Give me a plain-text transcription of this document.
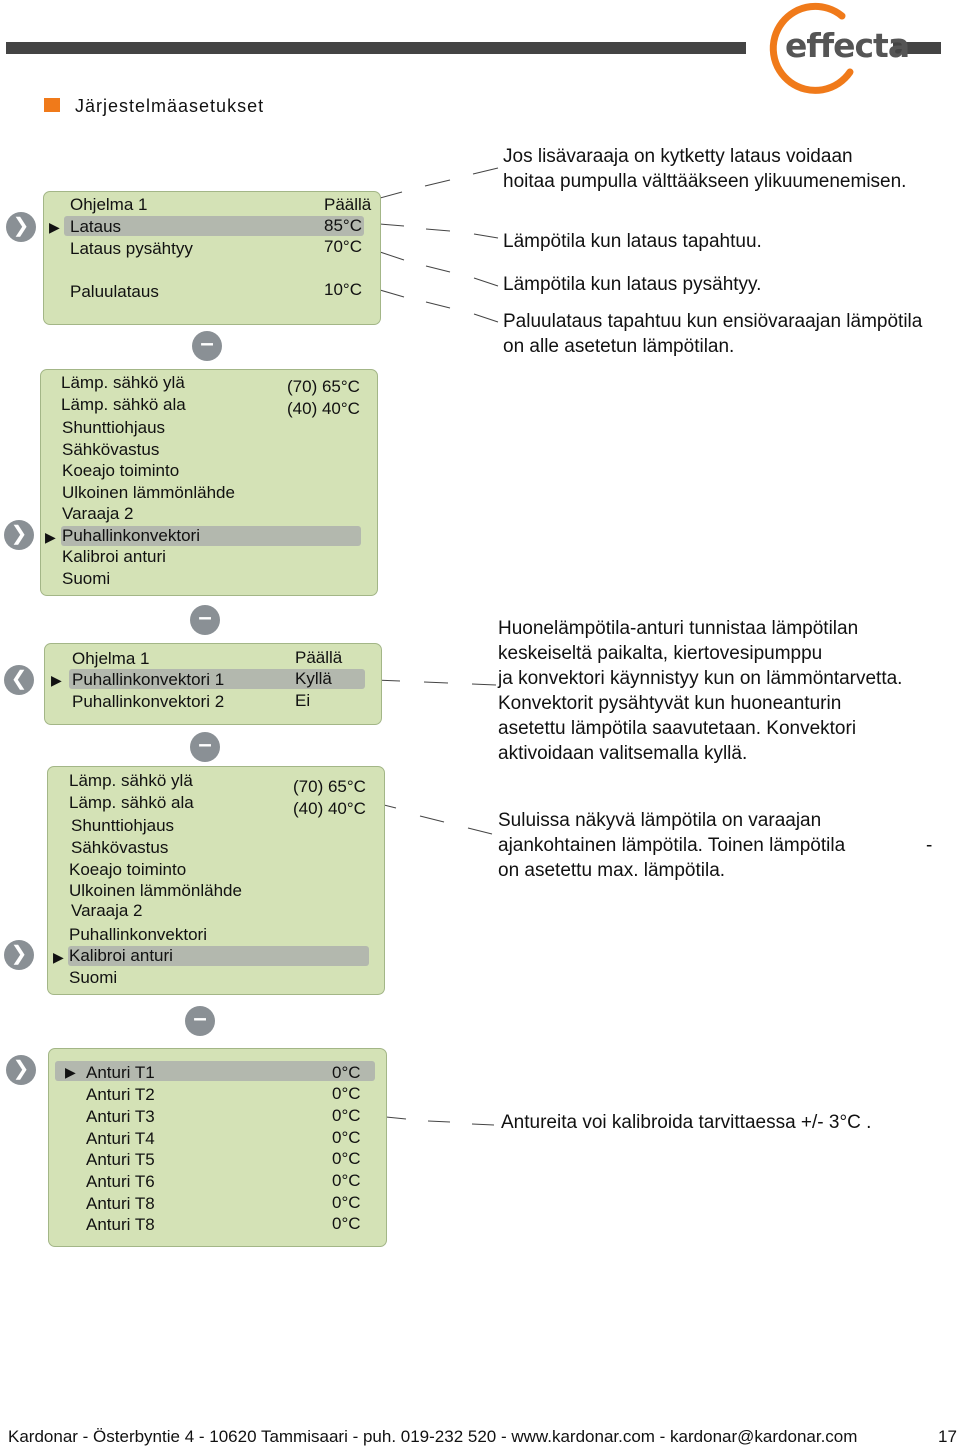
effecta
Järjestelmäasetukset
❯	▶
Ohjelma 1	Päällä
Lataus	85°C
Lataus pysähtyy	70°C
Paluulataus	10°C
–
❯	▶
Lämp. sähkö ylä	(70) 65°C
Lämp. sähkö ala	(40) 40°C
Shunttiohjaus
Sähkövastus
Koeajo toiminto
Ulkoinen lämmönlähde
Varaaja 2
Puhallinkonvektori
Kalibroi anturi
Suomi
–
❮	▶
Ohjelma 1	Päällä
Puhallinkonvektori 1	Kyllä
Puhallinkonvektori 2	Ei
–
❯	▶
Lämp. sähkö ylä	(70) 65°C
Lämp. sähkö ala	(40) 40°C
Shunttiohjaus
Sähkövastus
Koeajo toiminto
Ulkoinen lämmönlähde
Varaaja 2
Puhallinkonvektori
Kalibroi anturi
Suomi
–
❯	▶ Anturi T1	0°C
Anturi T2	0°C
Anturi T3	0°C
Anturi T4	0°C
Anturi T5	0°C
Anturi T6	0°C
Anturi T8	0°C
Anturi T8	0°C
Jos lisävaraaja on kytketty lataus voidaan
hoitaa pumpulla välttääkseen ylikuumenemisen.
Lämpötila kun lataus tapahtuu.
Lämpötila kun lataus pysähtyy.
Paluulataus tapahtuu kun ensiövaraajan lämpötila
on alle asetetun lämpötilan.
Huonelämpötila-anturi tunnistaa lämpötilan
keskeiseltä paikalta, kiertovesipumppu
ja konvektori käynnistyy kun on lämmöntarvetta.
Konvektorit pysähtyvät kun huoneanturin
asetettu lämpötila saavutetaan. Konvektori
aktivoidaan valitsemalla kyllä.
Suluissa näkyvä lämpötila on varaajan
ajankohtainen lämpötila. Toinen lämpötila
on asetettu max. lämpötila.
-
Antureita voi kalibroida tarvittaessa +/- 3°C .
Kardonar - Österbyntie 4 - 10620 Tammisaari - puh. 019-232 520 - www.kardonar.com - kardonar@kardonar.com	17
